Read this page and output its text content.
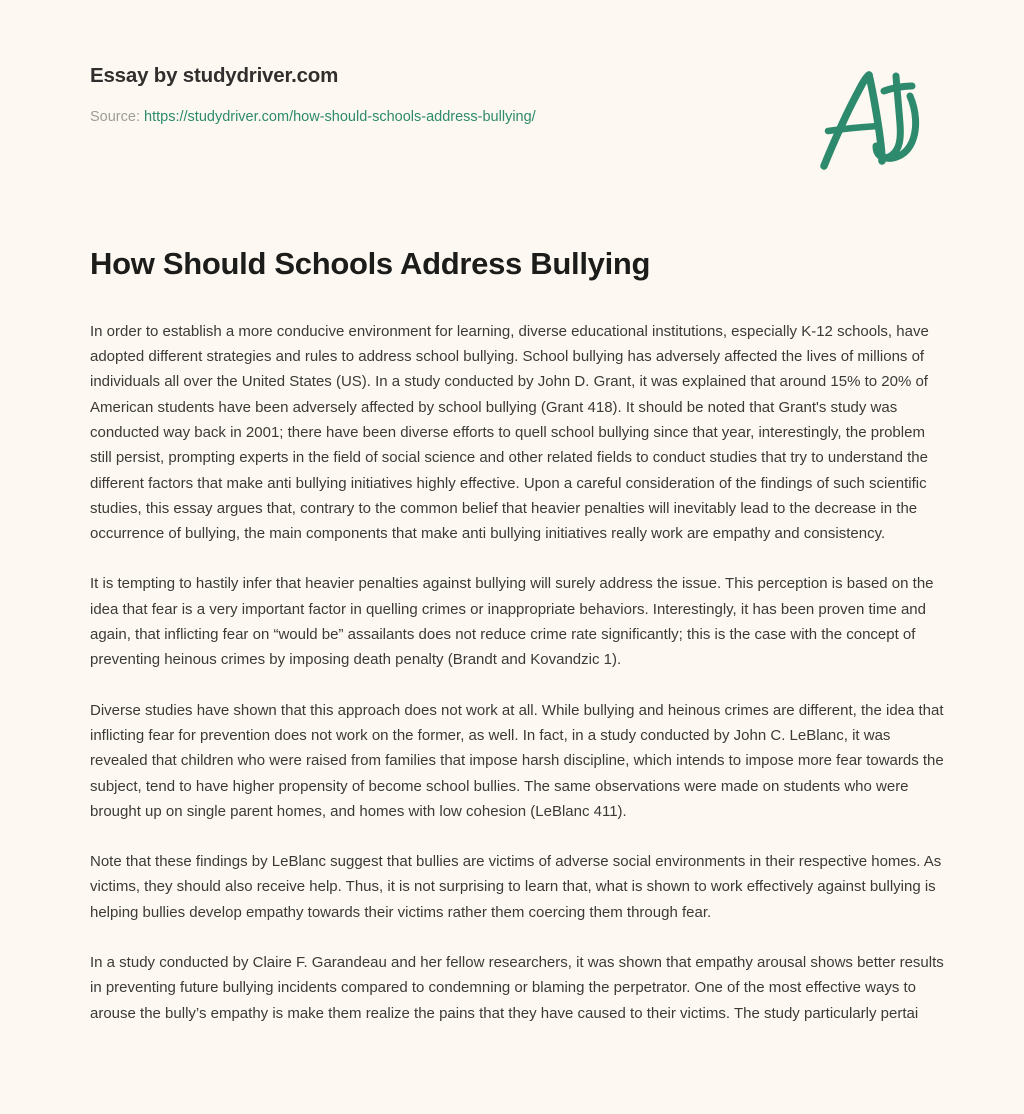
Essay by studydriver.com
Source: https://studydriver.com/how-should-schools-address-bullying/
How Should Schools Address Bullying

In order to establish a more conducive environment for learning, diverse educational institutions, especially K-12 schools, have adopted different strategies and rules to address school bullying. School bullying has adversely affected the lives of millions of individuals all over the United States (US). In a study conducted by John D. Grant, it was explained that around 15% to 20% of American students have been adversely affected by school bullying (Grant 418). It should be noted that Grant's study was conducted way back in 2001; there have been diverse efforts to quell school bullying since that year, interestingly, the problem still persist, prompting experts in the field of social science and other related fields to conduct studies that try to understand the different factors that make anti bullying initiatives highly effective. Upon a careful consideration of the findings of such scientific studies, this essay argues that, contrary to the common belief that heavier penalties will inevitably lead to the decrease in the occurrence of bullying, the main components that make anti bullying initiatives really work are empathy and consistency.

It is tempting to hastily infer that heavier penalties against bullying will surely address the issue. This perception is based on the idea that fear is a very important factor in quelling crimes or inappropriate behaviors. Interestingly, it has been proven time and again, that inflicting fear on “would be” assailants does not reduce crime rate significantly; this is the case with the concept of preventing heinous crimes by imposing death penalty (Brandt and Kovandzic 1).

Diverse studies have shown that this approach does not work at all. While bullying and heinous crimes are different, the idea that inflicting fear for prevention does not work on the former, as well. In fact, in a study conducted by John C. LeBlanc, it was revealed that children who were raised from families that impose harsh discipline, which intends to impose more fear towards the subject, tend to have higher propensity of become school bullies. The same observations were made on students who were brought up on single parent homes, and homes with low cohesion (LeBlanc 411).

Note that these findings by LeBlanc suggest that bullies are victims of adverse social environments in their respective homes. As victims, they should also receive help. Thus, it is not surprising to learn that, what is shown to work effectively against bullying is helping bullies develop empathy towards their victims rather them coercing them through fear.

In a study conducted by Claire F. Garandeau and her fellow researchers, it was shown that empathy arousal shows better results in preventing future bullying incidents compared to condemning or blaming the perpetrator. One of the most effective ways to arouse the bully’s empathy is make them realize the pains that they have caused to their victims. The study particularly pertai
